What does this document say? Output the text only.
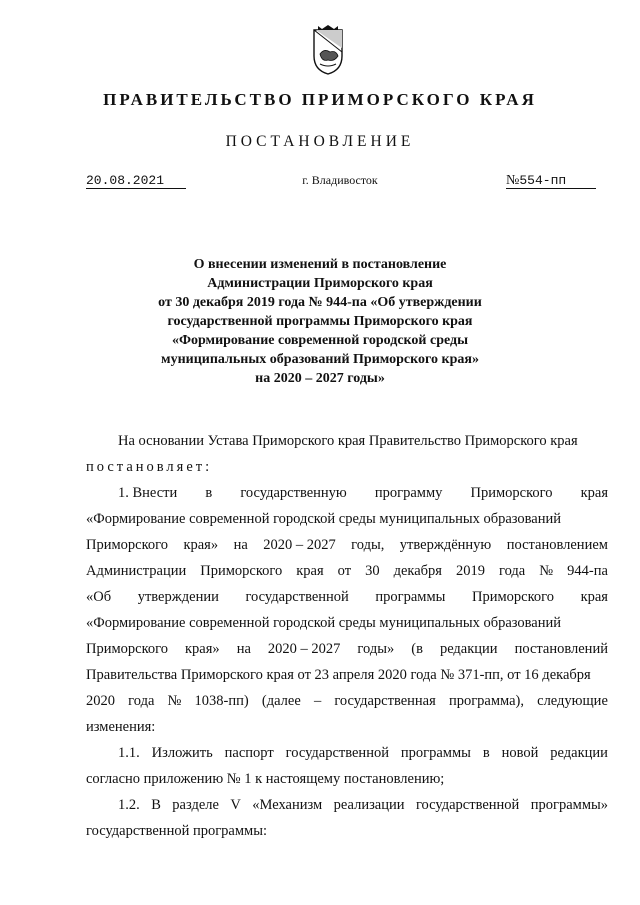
ПРАВИТЕЛЬСТВО ПРИМОРСКОГО КРАЯ
ПОСТАНОВЛЕНИЕ
20.08.2021	г. Владивосток	№554-пп
О внесении изменений в постановление
Администрации Приморского края
от 30 декабря 2019 года № 944-па «Об утверждении
государственной программы Приморского края
«Формирование современной городской среды
муниципальных образований Приморского края»
на 2020 – 2027 годы»
На основании Устава Приморского края Правительство Приморского края
постановляет:
1. Внести в государственную программу Приморского края
«Формирование современной городской среды муниципальных образований
Приморского края» на 2020 – 2027 годы, утверждённую постановлением
Администрации Приморского края от 30 декабря 2019 года № 944-па
«Об утверждении государственной программы Приморского края
«Формирование современной городской среды муниципальных образований
Приморского края» на 2020 – 2027 годы» (в редакции постановлений
Правительства Приморского края от 23 апреля 2020 года № 371-пп, от 16 декабря
2020 года № 1038-пп) (далее – государственная программа), следующие
изменения:
1.1. Изложить паспорт государственной программы в новой редакции
согласно приложению № 1 к настоящему постановлению;
1.2. В разделе V «Механизм реализации государственной программы»
государственной программы:
